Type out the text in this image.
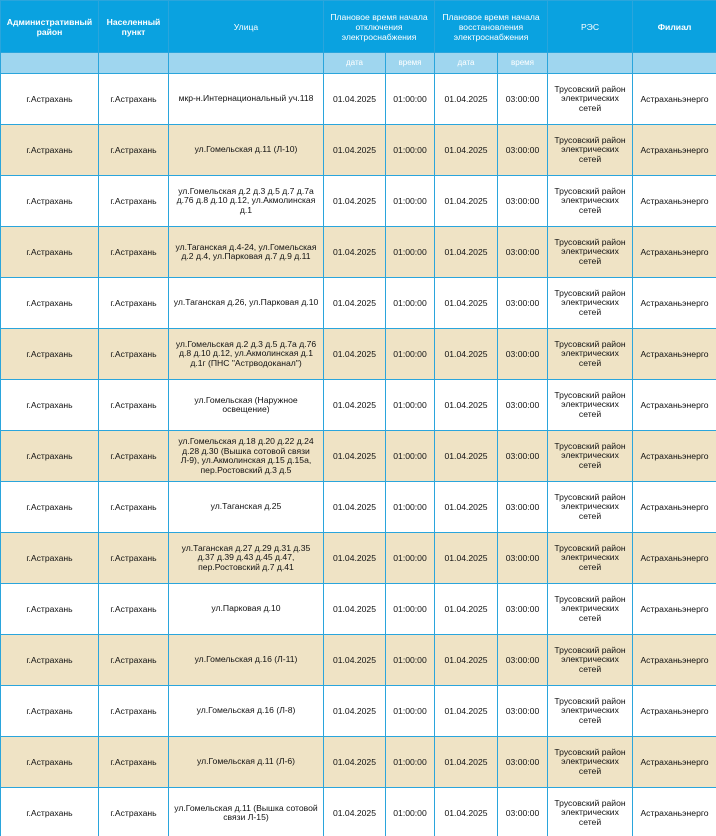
Административный район	Населенный пункт	Улица	Плановое время начала отключения электроснабжения		Плановое время начала восстановления электроснабжения		РЭС	Филиал
			дата	время	дата	время		
г.Астрахань	г.Астрахань	мкр-н.Интернациональный уч.118	01.04.2025	01:00:00	01.04.2025	03:00:00	Трусовский район электрических сетей	Астраханьэнерго
г.Астрахань	г.Астрахань	ул.Гомельская д.11 (Л-10)	01.04.2025	01:00:00	01.04.2025	03:00:00	Трусовский район электрических сетей	Астраханьэнерго
г.Астрахань	г.Астрахань	ул.Гомельская д.2 д.3 д.5 д.7 д.7а д.76 д.8 д.10 д.12, ул.Акмолинская д.1	01.04.2025	01:00:00	01.04.2025	03:00:00	Трусовский район электрических сетей	Астраханьэнерго
г.Астрахань	г.Астрахань	ул.Таганская д.4-24, ул.Гомельская д.2 д.4, ул.Парковая д.7 д.9 д.11	01.04.2025	01:00:00	01.04.2025	03:00:00	Трусовский район электрических сетей	Астраханьэнерго
г.Астрахань	г.Астрахань	ул.Таганская д.26, ул.Парковая д.10	01.04.2025	01:00:00	01.04.2025	03:00:00	Трусовский район электрических сетей	Астраханьэнерго
г.Астрахань	г.Астрахань	ул.Гомельская д.2 д.3 д.5 д.7а д.76 д.8 д.10 д.12, ул.Акмолинская д.1 д.1г (ПНС "Астрводоканал")	01.04.2025	01:00:00	01.04.2025	03:00:00	Трусовский район электрических сетей	Астраханьэнерго
г.Астрахань	г.Астрахань	ул.Гомельская (Наружное освещение)	01.04.2025	01:00:00	01.04.2025	03:00:00	Трусовский район электрических сетей	Астраханьэнерго
г.Астрахань	г.Астрахань	ул.Гомельская д.18 д.20 д.22 д.24 д.28 д.30 (Вышка сотовой связи Л-9), ул.Акмолинская д.15 д.15а, пер.Ростовский д.3 д.5	01.04.2025	01:00:00	01.04.2025	03:00:00	Трусовский район электрических сетей	Астраханьэнерго
г.Астрахань	г.Астрахань	ул.Таганская д.25	01.04.2025	01:00:00	01.04.2025	03:00:00	Трусовский район электрических сетей	Астраханьэнерго
г.Астрахань	г.Астрахань	ул.Таганская д.27 д.29 д.31 д.35 д.37 д.39 д.43 д.45 д.47, пер.Ростовский д.7 д.41	01.04.2025	01:00:00	01.04.2025	03:00:00	Трусовский район электрических сетей	Астраханьэнерго
г.Астрахань	г.Астрахань	ул.Парковая д.10	01.04.2025	01:00:00	01.04.2025	03:00:00	Трусовский район электрических сетей	Астраханьэнерго
г.Астрахань	г.Астрахань	ул.Гомельская д.16 (Л-11)	01.04.2025	01:00:00	01.04.2025	03:00:00	Трусовский район электрических сетей	Астраханьэнерго
г.Астрахань	г.Астрахань	ул.Гомельская д.16 (Л-8)	01.04.2025	01:00:00	01.04.2025	03:00:00	Трусовский район электрических сетей	Астраханьэнерго
г.Астрахань	г.Астрахань	ул.Гомельская д.11 (Л-6)	01.04.2025	01:00:00	01.04.2025	03:00:00	Трусовский район электрических сетей	Астраханьэнерго
г.Астрахань	г.Астрахань	ул.Гомельская д.11 (Вышка сотовой связи Л-15)	01.04.2025	01:00:00	01.04.2025	03:00:00	Трусовский район электрических сетей	Астраханьэнерго
